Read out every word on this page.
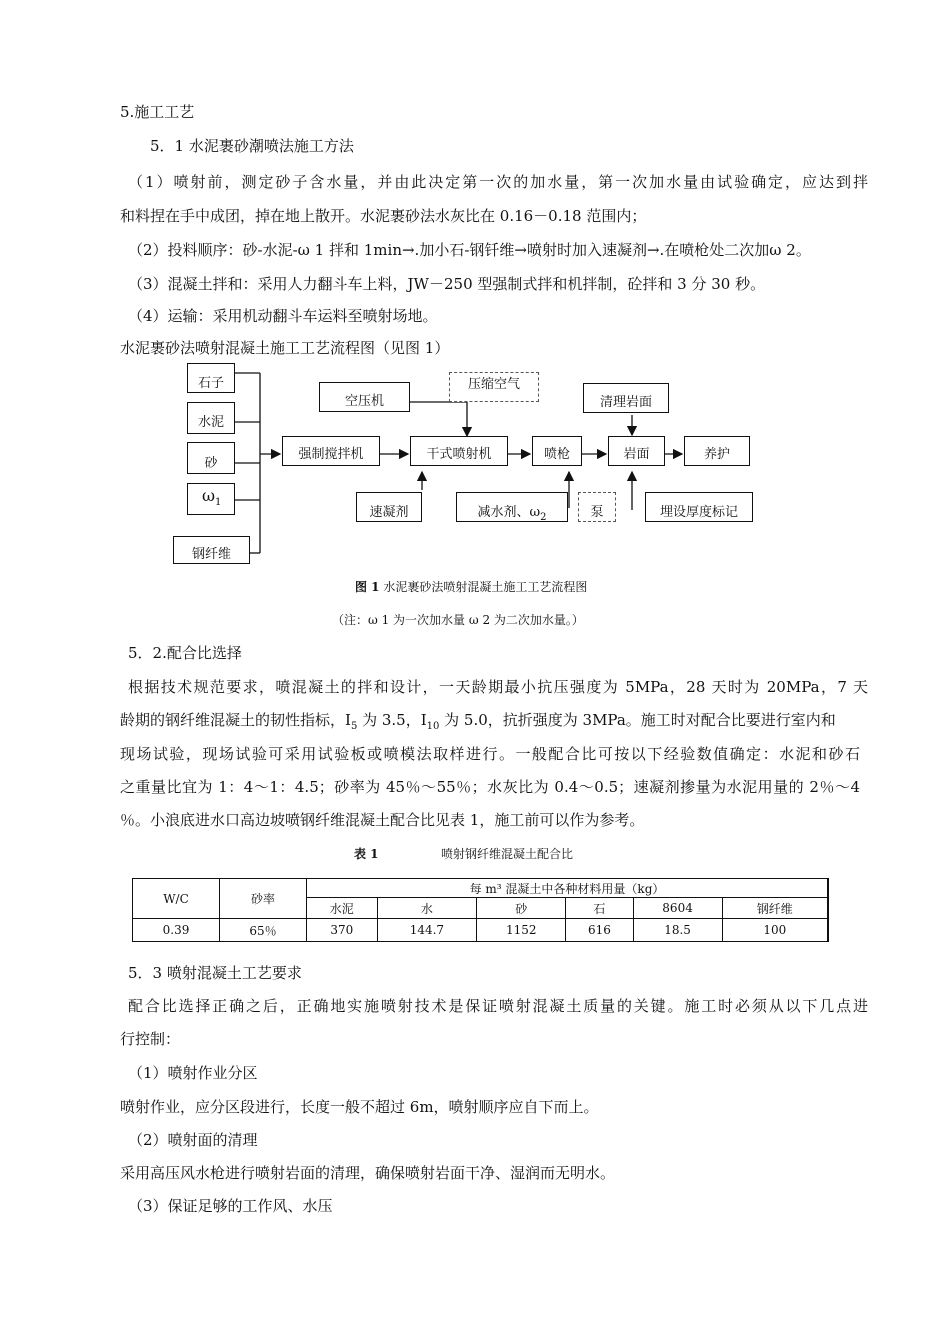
5.施工工艺
5．1 水泥裹砂潮喷法施工方法
（1）喷射前，测定砂子含水量，并由此决定第一次的加水量，第一次加水量由试验确定，应达到拌
和料捏在手中成团，掉在地上散开。水泥裹砂法水灰比在 0.16－0.18 范围内；
（2）投料顺序：砂-水泥-ω 1 拌和 1min→.加小石-钢钎维→喷射时加入速凝剂→.在喷枪处二次加ω 2。
（3）混凝土拌和：采用人力翻斗车上料，JW－250 型强制式拌和机拌制，砼拌和 3 分 30 秒。
（4）运输：采用机动翻斗车运料至喷射场地。
水泥裹砂法喷射混凝土施工工艺流程图（见图 1）
石子
水泥
砂
$\omega_1$
钢纤维
强制搅拌机
空压机
压缩空气
干式喷射机
速凝剂	减水剂、$\omega_2$
喷枪
泵
清理岩面
岩面
埋设厚度标记
养护
图 1 水泥裹砂法喷射混凝土施工工艺流程图
（注：ω 1 为一次加水量 ω 2 为二次加水量。）
5．2.配合比选择
根据技术规范要求，喷混凝土的拌和设计，一天龄期最小抗压强度为 5MPa，28 天时为 20MPa，7 天
龄期的钢纤维混凝土的韧性指标，$I_5$ 为 3.5，$I_{10}$ 为 5.0，抗折强度为 3MPa。施工时对配合比要进行室内和
现场试验，现场试验可采用试验板或喷模法取样进行。一般配合比可按以下经验数值确定：水泥和砂石
之重量比宜为 1：4～1：4.5；砂率为 45％～55％；水灰比为 0.4～0.5；速凝剂掺量为水泥用量的 2％～4
％。小浪底进水口高边坡喷钢纤维混凝土配合比见表 1，施工前可以作为参考。
表 1	喷射钢纤维混凝土配合比
W/C	砂率	每 m³ 混凝土中各种材料用量（kg）					
		水泥	水	砂	石	8604	钢纤维
0.39	65％	370	144.7	1152	616	18.5	100
5．3 喷射混凝土工艺要求
配合比选择正确之后，正确地实施喷射技术是保证喷射混凝土质量的关键。施工时必须从以下几点进
行控制：
（1）喷射作业分区
喷射作业，应分区段进行，长度一般不超过 6m，喷射顺序应自下而上。
（2）喷射面的清理
采用高压风水枪进行喷射岩面的清理，确保喷射岩面干净、湿润而无明水。
（3）保证足够的工作风、水压
